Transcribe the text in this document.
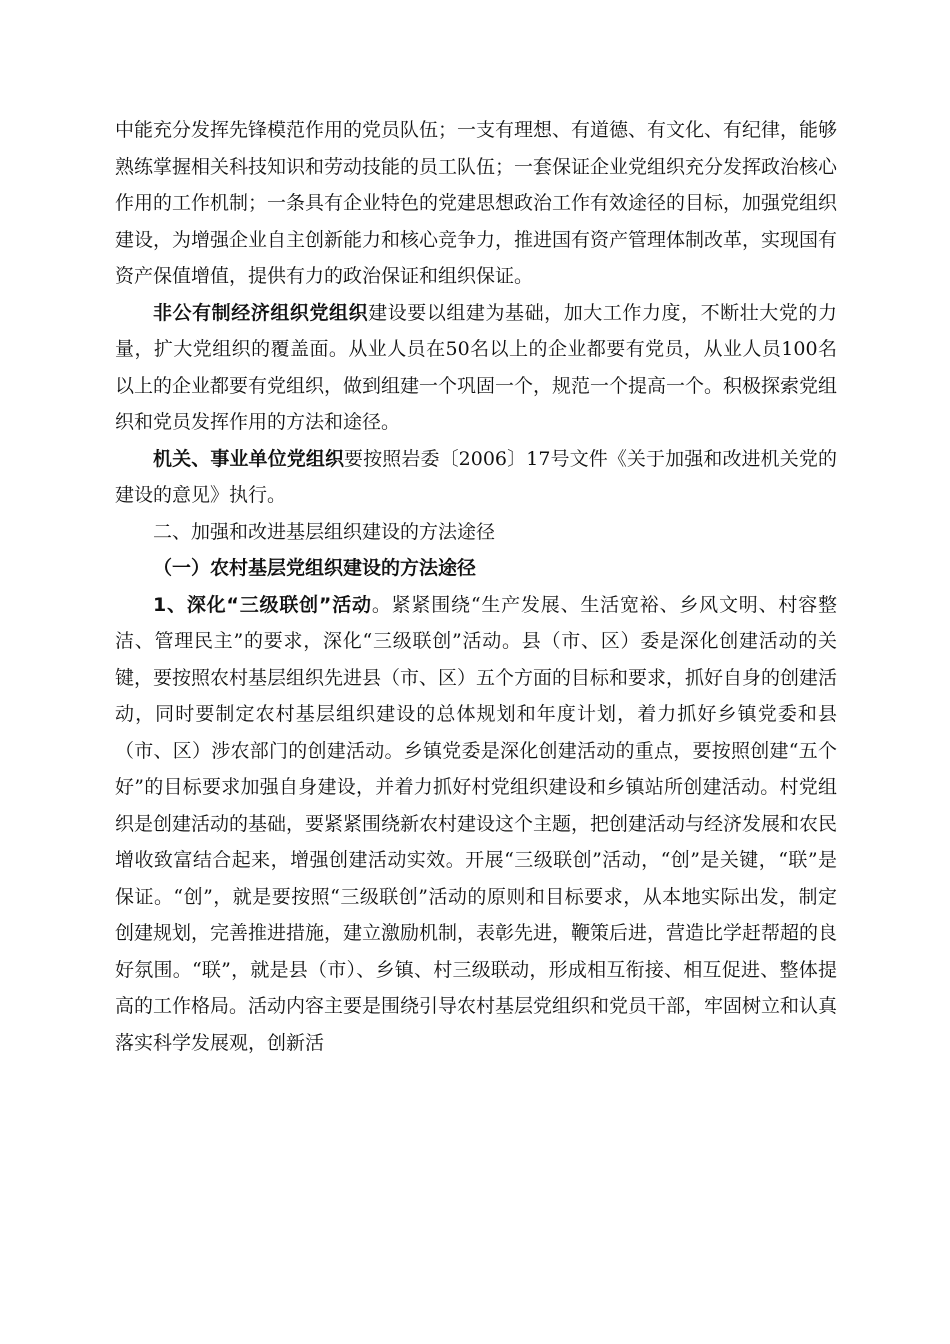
中能充分发挥先锋模范作用的党员队伍；一支有理想、有道德、有文化、有纪律，能够熟练掌握相关科技知识和劳动技能的员工队伍；一套保证企业党组织充分发挥政治核心作用的工作机制；一条具有企业特色的党建思想政治工作有效途径的目标，加强党组织建设，为增强企业自主创新能力和核心竞争力，推进国有资产管理体制改革，实现国有资产保值增值，提供有力的政治保证和组织保证。

非公有制经济组织党组织建设要以组建为基础，加大工作力度，不断壮大党的力量，扩大党组织的覆盖面。从业人员在50名以上的企业都要有党员，从业人员100名以上的企业都要有党组织，做到组建一个巩固一个，规范一个提高一个。积极探索党组织和党员发挥作用的方法和途径。

机关、事业单位党组织要按照岩委〔2006〕17号文件《关于加强和改进机关党的建设的意见》执行。

二、加强和改进基层组织建设的方法途径

（一）农村基层党组织建设的方法途径

1、深化“三级联创”活动。紧紧围绕“生产发展、生活宽裕、乡风文明、村容整洁、管理民主”的要求，深化“三级联创”活动。县（市、区）委是深化创建活动的关键，要按照农村基层组织先进县（市、区）五个方面的目标和要求，抓好自身的创建活动，同时要制定农村基层组织建设的总体规划和年度计划，着力抓好乡镇党委和县（市、区）涉农部门的创建活动。乡镇党委是深化创建活动的重点，要按照创建“五个好”的目标要求加强自身建设，并着力抓好村党组织建设和乡镇站所创建活动。村党组织是创建活动的基础，要紧紧围绕新农村建设这个主题，把创建活动与经济发展和农民增收致富结合起来，增强创建活动实效。开展“三级联创”活动，“创”是关键，“联”是保证。“创”，就是要按照“三级联创”活动的原则和目标要求，从本地实际出发，制定创建规划，完善推进措施，建立激励机制，表彰先进，鞭策后进，营造比学赶帮超的良好氛围。“联”，就是县（市）、乡镇、村三级联动，形成相互衔接、相互促进、整体提高的工作格局。活动内容主要是围绕引导农村基层党组织和党员干部，牢固树立和认真落实科学发展观，创新活
